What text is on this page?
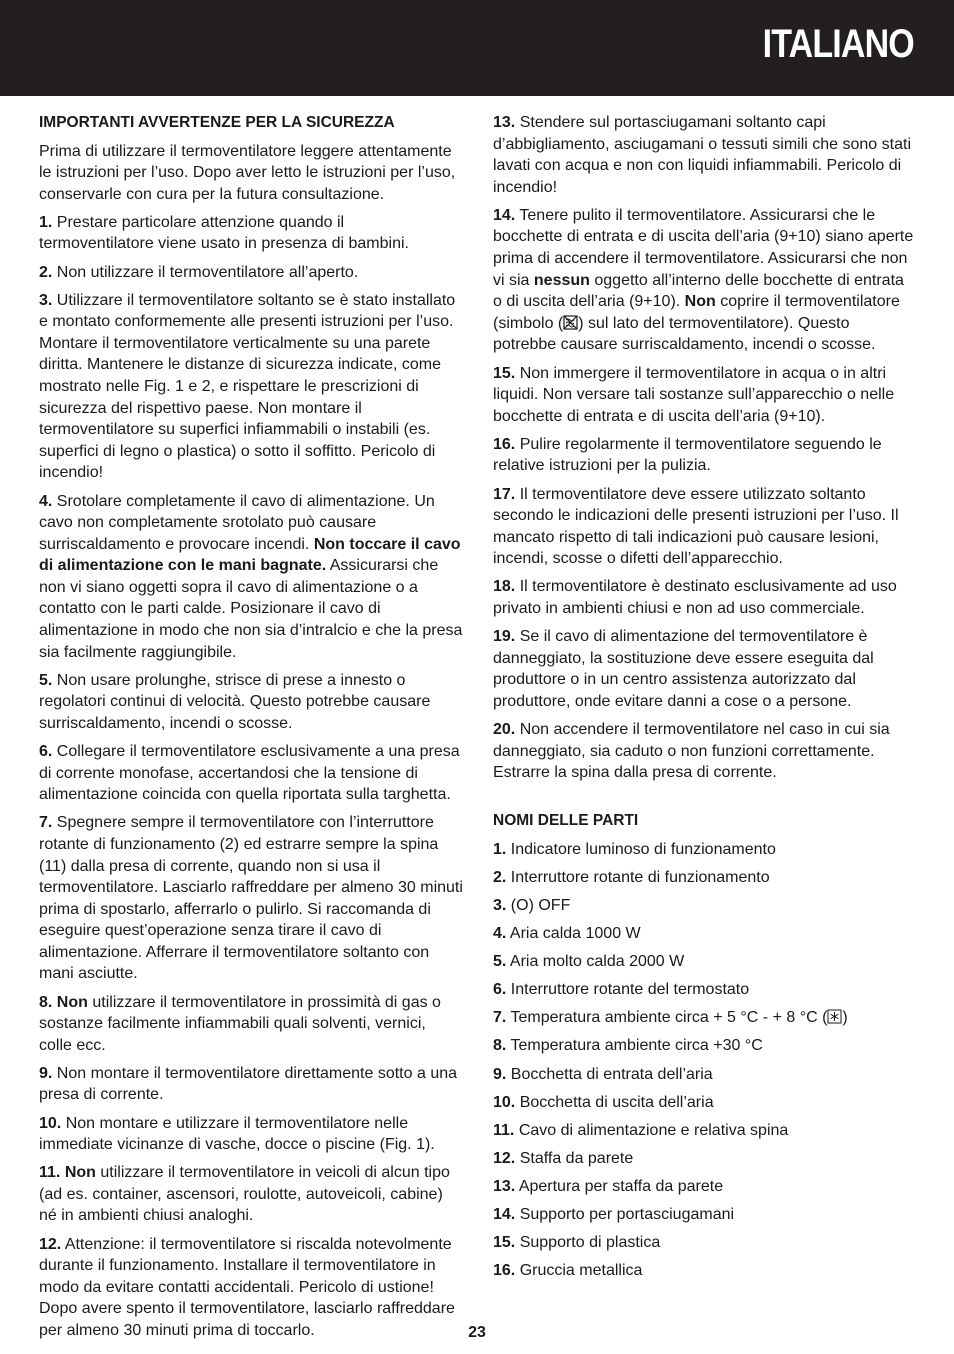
ITALIANO

IMPORTANTI AVVERTENZE PER LA SICUREZZA

Prima di utilizzare il termoventilatore leggere attentamente le istruzioni per l’uso. Dopo aver letto le istruzioni per l’uso, conservarle con cura per la futura consultazione.

1. Prestare particolare attenzione quando il termoventilatore viene usato in presenza di bambini.

2. Non utilizzare il termoventilatore all’aperto.

3. Utilizzare il termoventilatore soltanto se è stato installato e montato conformemente alle presenti istruzioni per l’uso. Montare il termoventilatore verticalmente su una parete diritta. Mantenere le distanze di sicurezza indicate, come mostrato nelle Fig. 1 e 2, e rispettare le prescrizioni di sicurezza del rispettivo paese. Non montare il termoventilatore su superfici infiammabili o instabili (es. superfici di legno o plastica) o sotto il soffitto. Pericolo di incendio!

4. Srotolare completamente il cavo di alimentazione. Un cavo non completamente srotolato può causare surriscaldamento e provocare incendi. Non toccare il cavo di alimentazione con le mani bagnate. Assicurarsi che non vi siano oggetti sopra il cavo di alimentazione o a contatto con le parti calde. Posizionare il cavo di alimentazione in modo che non sia d’intralcio e che la presa sia facilmente raggiungibile.

5. Non usare prolunghe, strisce di prese a innesto o regolatori continui di velocità. Questo potrebbe causare surriscaldamento, incendi o scosse.

6. Collegare il termoventilatore esclusivamente a una presa di corrente monofase, accertandosi che la tensione di alimentazione coincida con quella riportata sulla targhetta.

7. Spegnere sempre il termoventilatore con l’interruttore rotante di funzionamento (2) ed estrarre sempre la spina (11) dalla presa di corrente, quando non si usa il termoventilatore. Lasciarlo raffreddare per almeno 30 minuti prima di spostarlo, afferrarlo o pulirlo. Si raccomanda di eseguire quest’operazione senza tirare il cavo di alimentazione. Afferrare il termoventilatore soltanto con mani asciutte.

8. Non utilizzare il termoventilatore in prossimità di gas o sostanze facilmente infiammabili quali solventi, vernici, colle ecc.

9. Non montare il termoventilatore direttamente sotto a una presa di corrente.

10. Non montare e utilizzare il termoventilatore nelle immediate vicinanze di vasche, docce o piscine (Fig. 1).

11. Non utilizzare il termoventilatore in veicoli di alcun tipo (ad es. container, ascensori, roulotte, autoveicoli, cabine) né in ambienti chiusi analoghi.

12. Attenzione: il termoventilatore si riscalda notevolmente durante il funzionamento. Installare il termoventilatore in modo da evitare contatti accidentali. Pericolo di ustione! Dopo avere spento il termoventilatore, lasciarlo raffreddare per almeno 30 minuti prima di toccarlo.

13. Stendere sul portasciugamani soltanto capi d’abbigliamento, asciugamani o tessuti simili che sono stati lavati con acqua e non con liquidi infiammabili. Pericolo di incendio!

14. Tenere pulito il termoventilatore. Assicurarsi che le bocchette di entrata e di uscita dell’aria (9+10) siano aperte prima di accendere il termoventilatore. Assicurarsi che non vi sia nessun oggetto all’interno delle bocchette di entrata o di uscita dell’aria (9+10). Non coprire il termoventilatore (simbolo ( ) sul lato del termoventilatore). Questo potrebbe causare surriscaldamento, incendi o scosse.

15. Non immergere il termoventilatore in acqua o in altri liquidi. Non versare tali sostanze sull’apparecchio o nelle bocchette di entrata e di uscita dell’aria (9+10).

16. Pulire regolarmente il termoventilatore seguendo le relative istruzioni per la pulizia.

17. Il termoventilatore deve essere utilizzato soltanto secondo le indicazioni delle presenti istruzioni per l’uso. Il mancato rispetto di tali indicazioni può causare lesioni, incendi, scosse o difetti dell’apparecchio.

18. Il termoventilatore è destinato esclusivamente ad uso privato in ambienti chiusi e non ad uso commerciale.

19. Se il cavo di alimentazione del termoventilatore è danneggiato, la sostituzione deve essere eseguita dal produttore o in un centro assistenza autorizzato dal produttore, onde evitare danni a cose o a persone.

20. Non accendere il termoventilatore nel caso in cui sia danneggiato, sia caduto o non funzioni correttamente. Estrarre la spina dalla presa di corrente.

NOMI DELLE PARTI

1. Indicatore luminoso di funzionamento
2. Interruttore rotante di funzionamento
3. (O) OFF
4. Aria calda 1000 W
5. Aria molto calda 2000 W
6. Interruttore rotante del termostato
7. Temperatura ambiente circa + 5 °C - + 8 °C ( )
8. Temperatura ambiente circa +30 °C
9. Bocchetta di entrata dell’aria
10. Bocchetta di uscita dell’aria
11. Cavo di alimentazione e relativa spina
12. Staffa da parete
13. Apertura per staffa da parete
14. Supporto per portasciugamani
15. Supporto di plastica
16. Gruccia metallica
23
